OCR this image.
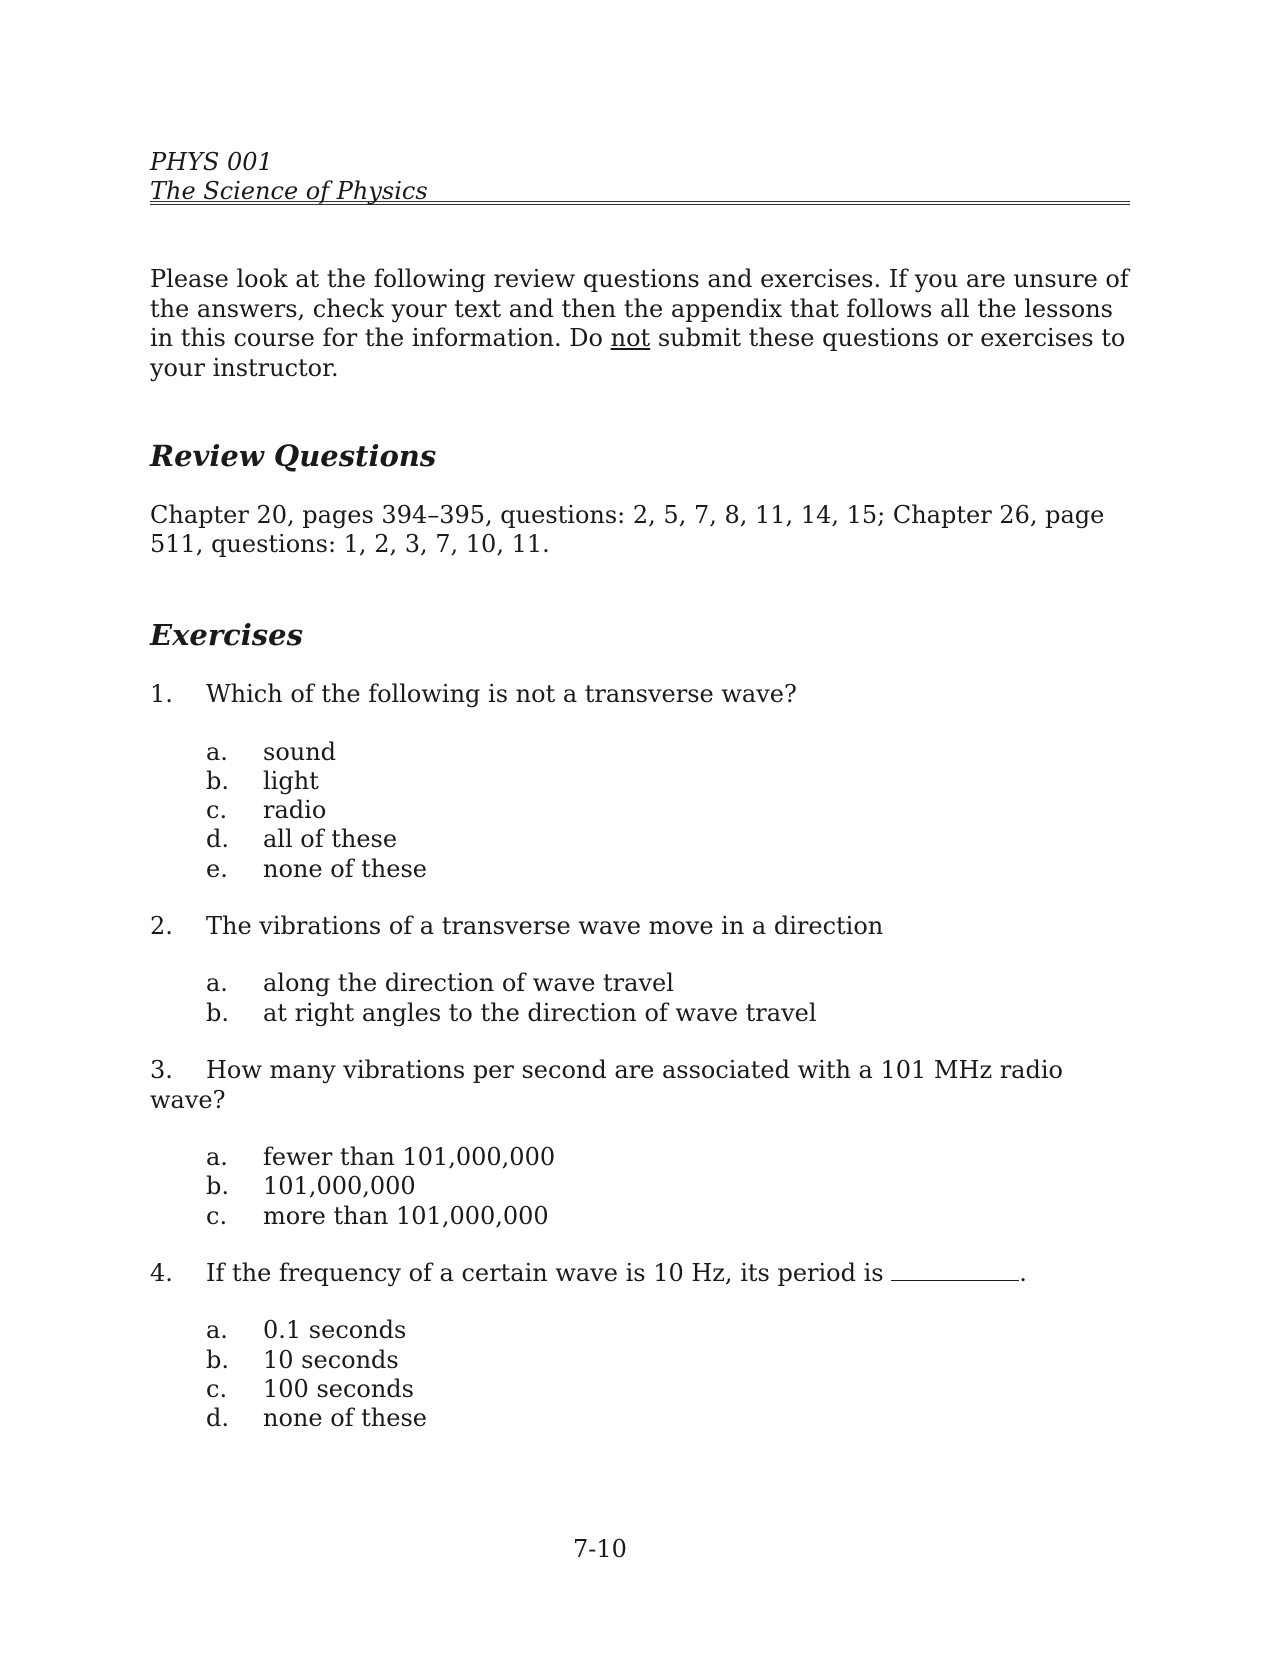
PHYS 001
The Science of Physics
Please look at the following review questions and exercises. If you are unsure of the answers, check your text and then the appendix that follows all the lessons in this course for the information. Do not submit these questions or exercises to your instructor.
Review Questions
Chapter 20, pages 394–395, questions: 2, 5, 7, 8, 11, 14, 15; Chapter 26, page 511, questions: 1, 2, 3, 7, 10, 11.
Exercises
1. Which of the following is not a transverse wave?
a. sound
b. light
c. radio
d. all of these
e. none of these
2. The vibrations of a transverse wave move in a direction
a. along the direction of wave travel
b. at right angles to the direction of wave travel
3. How many vibrations per second are associated with a 101 MHz radio wave?
a. fewer than 101,000,000
b. 101,000,000
c. more than 101,000,000
4. If the frequency of a certain wave is 10 Hz, its period is	.
a. 0.1 seconds
b. 10 seconds
c. 100 seconds
d. none of these
7-10
